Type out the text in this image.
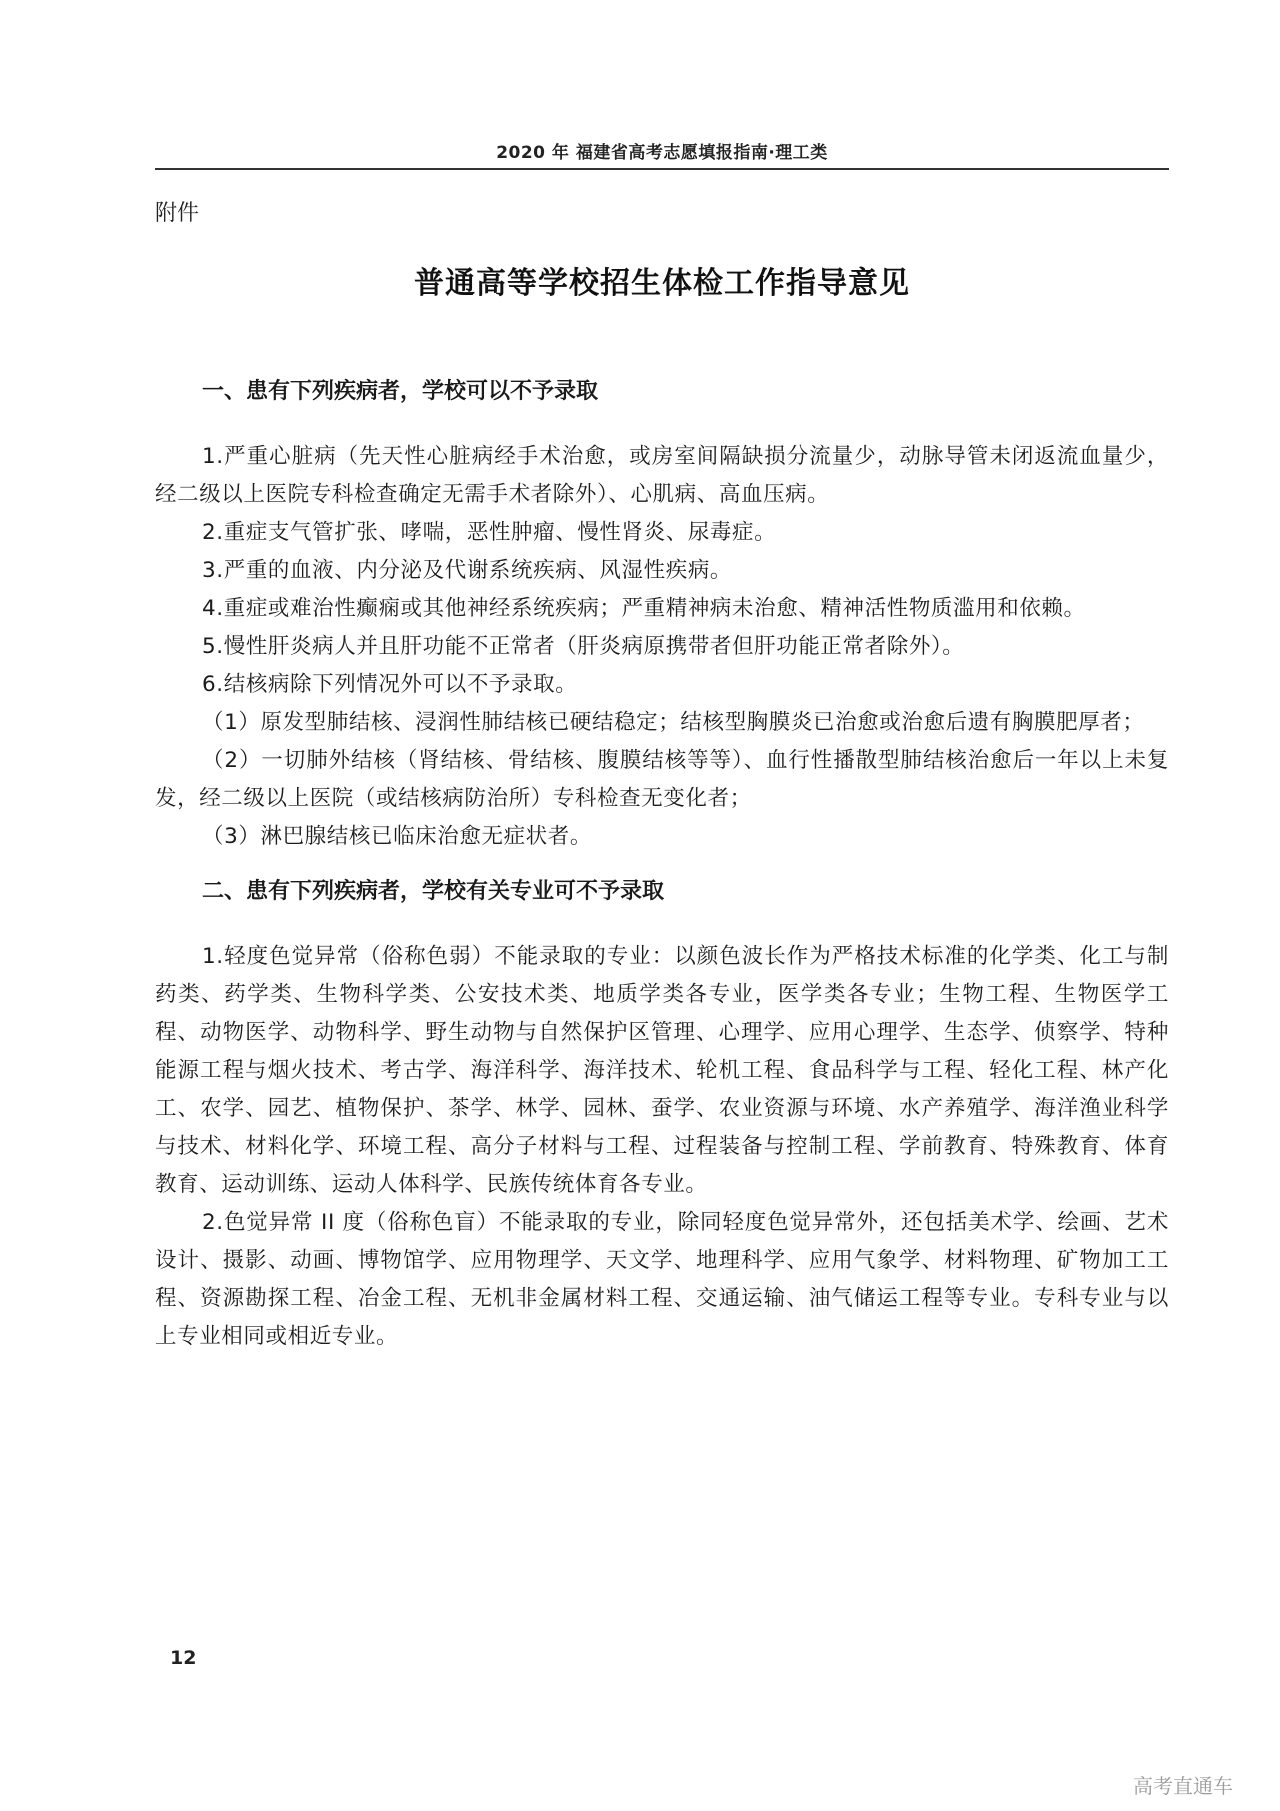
2020 年 福建省高考志愿填报指南·理工类
附件
普通高等学校招生体检工作指导意见

一、患有下列疾病者，学校可以不予录取

1.严重心脏病（先天性心脏病经手术治愈，或房室间隔缺损分流量少，动脉导管未闭返流血量少，经二级以上医院专科检查确定无需手术者除外）、心肌病、高血压病。

2.重症支气管扩张、哮喘，恶性肿瘤、慢性肾炎、尿毒症。

3.严重的血液、内分泌及代谢系统疾病、风湿性疾病。

4.重症或难治性癫痫或其他神经系统疾病；严重精神病未治愈、精神活性物质滥用和依赖。

5.慢性肝炎病人并且肝功能不正常者（肝炎病原携带者但肝功能正常者除外）。

6.结核病除下列情况外可以不予录取。

（1）原发型肺结核、浸润性肺结核已硬结稳定；结核型胸膜炎已治愈或治愈后遗有胸膜肥厚者；

（2）一切肺外结核（肾结核、骨结核、腹膜结核等等）、血行性播散型肺结核治愈后一年以上未复发，经二级以上医院（或结核病防治所）专科检查无变化者；

（3）淋巴腺结核已临床治愈无症状者。

二、患有下列疾病者，学校有关专业可不予录取

1.轻度色觉异常（俗称色弱）不能录取的专业：以颜色波长作为严格技术标准的化学类、化工与制药类、药学类、生物科学类、公安技术类、地质学类各专业，医学类各专业；生物工程、生物医学工程、动物医学、动物科学、野生动物与自然保护区管理、心理学、应用心理学、生态学、侦察学、特种能源工程与烟火技术、考古学、海洋科学、海洋技术、轮机工程、食品科学与工程、轻化工程、林产化工、农学、园艺、植物保护、茶学、林学、园林、蚕学、农业资源与环境、水产养殖学、海洋渔业科学与技术、材料化学、环境工程、高分子材料与工程、过程装备与控制工程、学前教育、特殊教育、体育教育、运动训练、运动人体科学、民族传统体育各专业。

2.色觉异常 II 度（俗称色盲）不能录取的专业，除同轻度色觉异常外，还包括美术学、绘画、艺术设计、摄影、动画、博物馆学、应用物理学、天文学、地理科学、应用气象学、材料物理、矿物加工工程、资源勘探工程、冶金工程、无机非金属材料工程、交通运输、油气储运工程等专业。专科专业与以上专业相同或相近专业。

12
高考直通车
